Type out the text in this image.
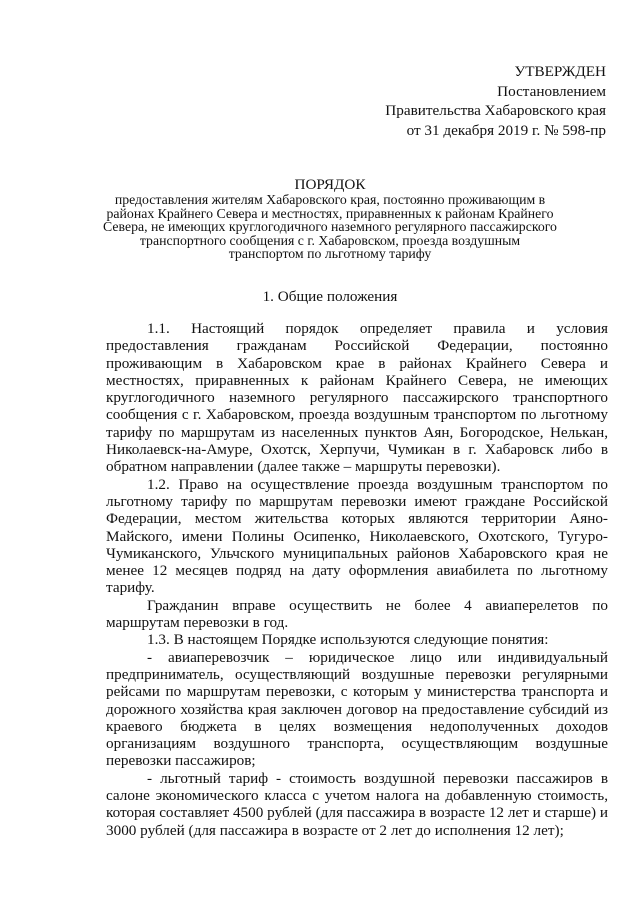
УТВЕРЖДЕН
Постановлением
Правительства Хабаровского края
от 31 декабря 2019 г. № 598-пр
ПОРЯДОК
предоставления жителям Хабаровского края, постоянно проживающим в
районах Крайнего Севера и местностях, приравненных к районам Крайнего
Севера, не имеющих круглогодичного наземного регулярного пассажирского
транспортного сообщения с г. Хабаровском, проезда воздушным
транспортом по льготному тарифу
1. Общие положения

1.1. Настоящий порядок определяет правила и условия предоставления гражданам Российской Федерации, постоянно проживающим в Хабаровском крае в районах Крайнего Севера и местностях, приравненных к районам Крайнего Севера, не имеющих круглогодичного наземного регулярного пассажирского транспортного сообщения с г. Хабаровском, проезда воздушным транспортом по льготному тарифу по маршрутам из населенных пунктов Аян, Богородское, Нелькан, Николаевск-на-Амуре, Охотск, Херпучи, Чумикан в г. Хабаровск либо в обратном направлении (далее также – маршруты перевозки).

1.2. Право на осуществление проезда воздушным транспортом по льготному тарифу по маршрутам перевозки имеют граждане Российской Федерации, местом жительства которых являются территории Аяно-Майского, имени Полины Осипенко, Николаевского, Охотского, Тугуро-Чумиканского, Ульчского муниципальных районов Хабаровского края не менее 12 месяцев подряд на дату оформления авиабилета по льготному тарифу.

Гражданин вправе осуществить не более 4 авиаперелетов по маршрутам перевозки в год.

1.3. В настоящем Порядке используются следующие понятия:

- авиаперевозчик – юридическое лицо или индивидуальный предприниматель, осуществляющий воздушные перевозки регулярными рейсами по маршрутам перевозки, с которым у министерства транспорта и дорожного хозяйства края заключен договор на предоставление субсидий из краевого бюджета в целях возмещения недополученных доходов организациям воздушного транспорта, осуществляющим воздушные перевозки пассажиров;

- льготный тариф - стоимость воздушной перевозки пассажиров в салоне экономического класса с учетом налога на добавленную стоимость, которая составляет 4500 рублей (для пассажира в возрасте 12 лет и старше) и 3000 рублей (для пассажира в возрасте от 2 лет до исполнения 12 лет);
